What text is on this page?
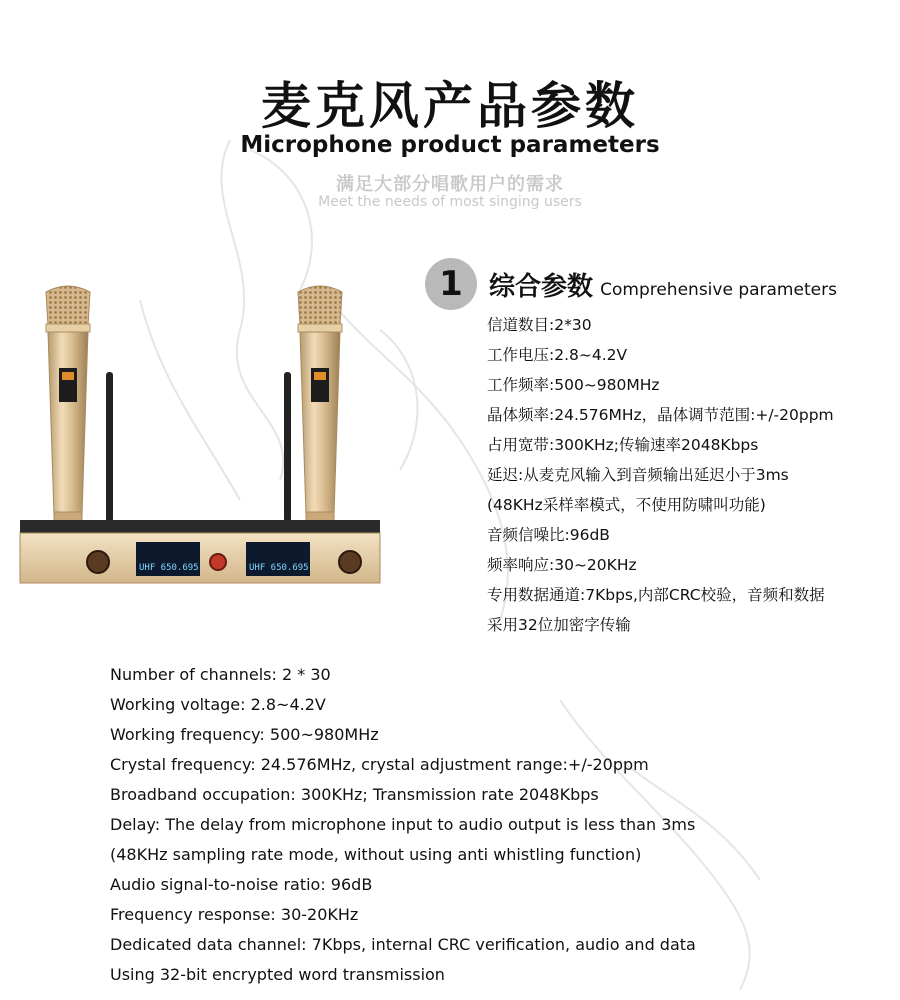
麦克风产品参数
Microphone product parameters
满足大部分唱歌用户的需求
Meet the needs of most singing users
UHF 650.695	UHF 650.695
1	综合参数 Comprehensive parameters
信道数目:2*30
工作电压:2.8~4.2V
工作频率:500~980MHz
晶体频率:24.576MHz，晶体调节范围:+/-20ppm
占用宽带:300KHz;传输速率2048Kbps
延迟:从麦克风输入到音频输出延迟小于3ms
(48KHz采样率模式，不使用防啸叫功能)
音频信噪比:96dB
频率响应:30~20KHz
专用数据通道:7Kbps,内部CRC校验，音频和数据
采用32位加密字传输
Number of channels: 2 * 30
Working voltage: 2.8~4.2V
Working frequency: 500~980MHz
Crystal frequency: 24.576MHz, crystal adjustment range:+/-20ppm
Broadband occupation: 300KHz; Transmission rate 2048Kbps
Delay: The delay from microphone input to audio output is less than 3ms
(48KHz sampling rate mode, without using anti whistling function)
Audio signal-to-noise ratio: 96dB
Frequency response: 30-20KHz
Dedicated data channel: 7Kbps, internal CRC verification, audio and data
Using 32-bit encrypted word transmission
